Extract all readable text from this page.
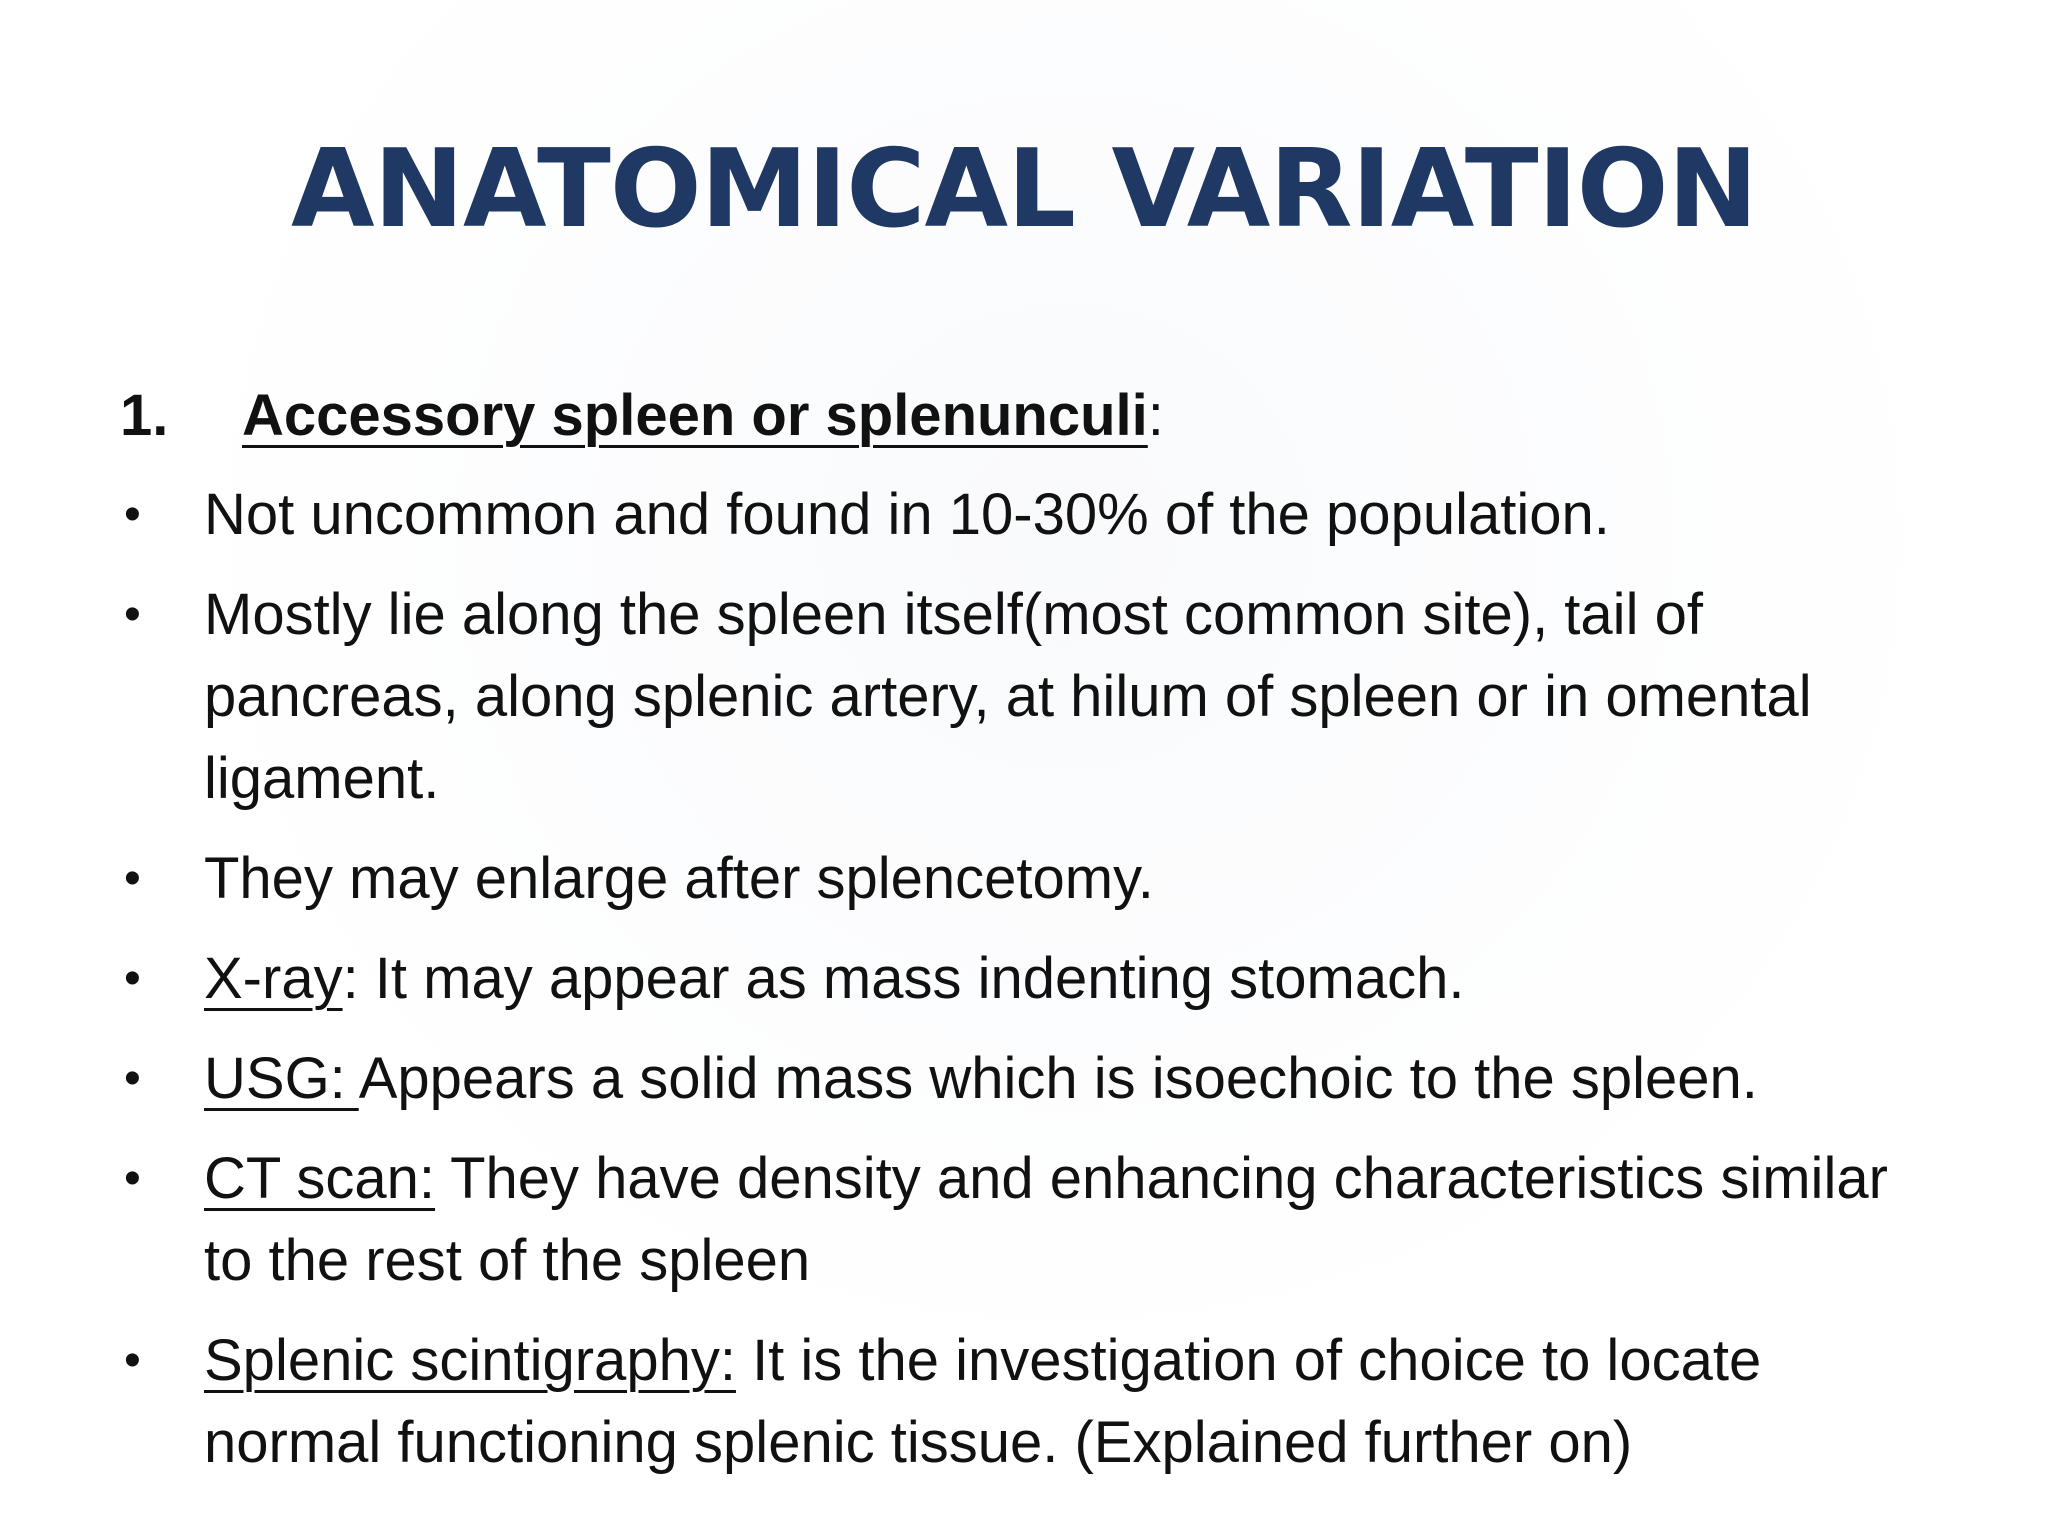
ANATOMICAL VARIATION
1.	Accessory spleen or splenunculi:
• Not uncommon and found in 10-30% of the population.
• Mostly lie along the spleen itself(most common site), tail of pancreas, along splenic artery, at hilum of spleen or in omental ligament.
• They may enlarge after splencetomy.
• X-ray: It may appear as mass indenting stomach.
• USG: Appears a solid mass which is isoechoic to the spleen.
• CT scan: They have density and enhancing characteristics similar to the rest of the spleen
• Splenic scintigraphy: It is the investigation of choice to locate normal functioning splenic tissue. (Explained further on)
